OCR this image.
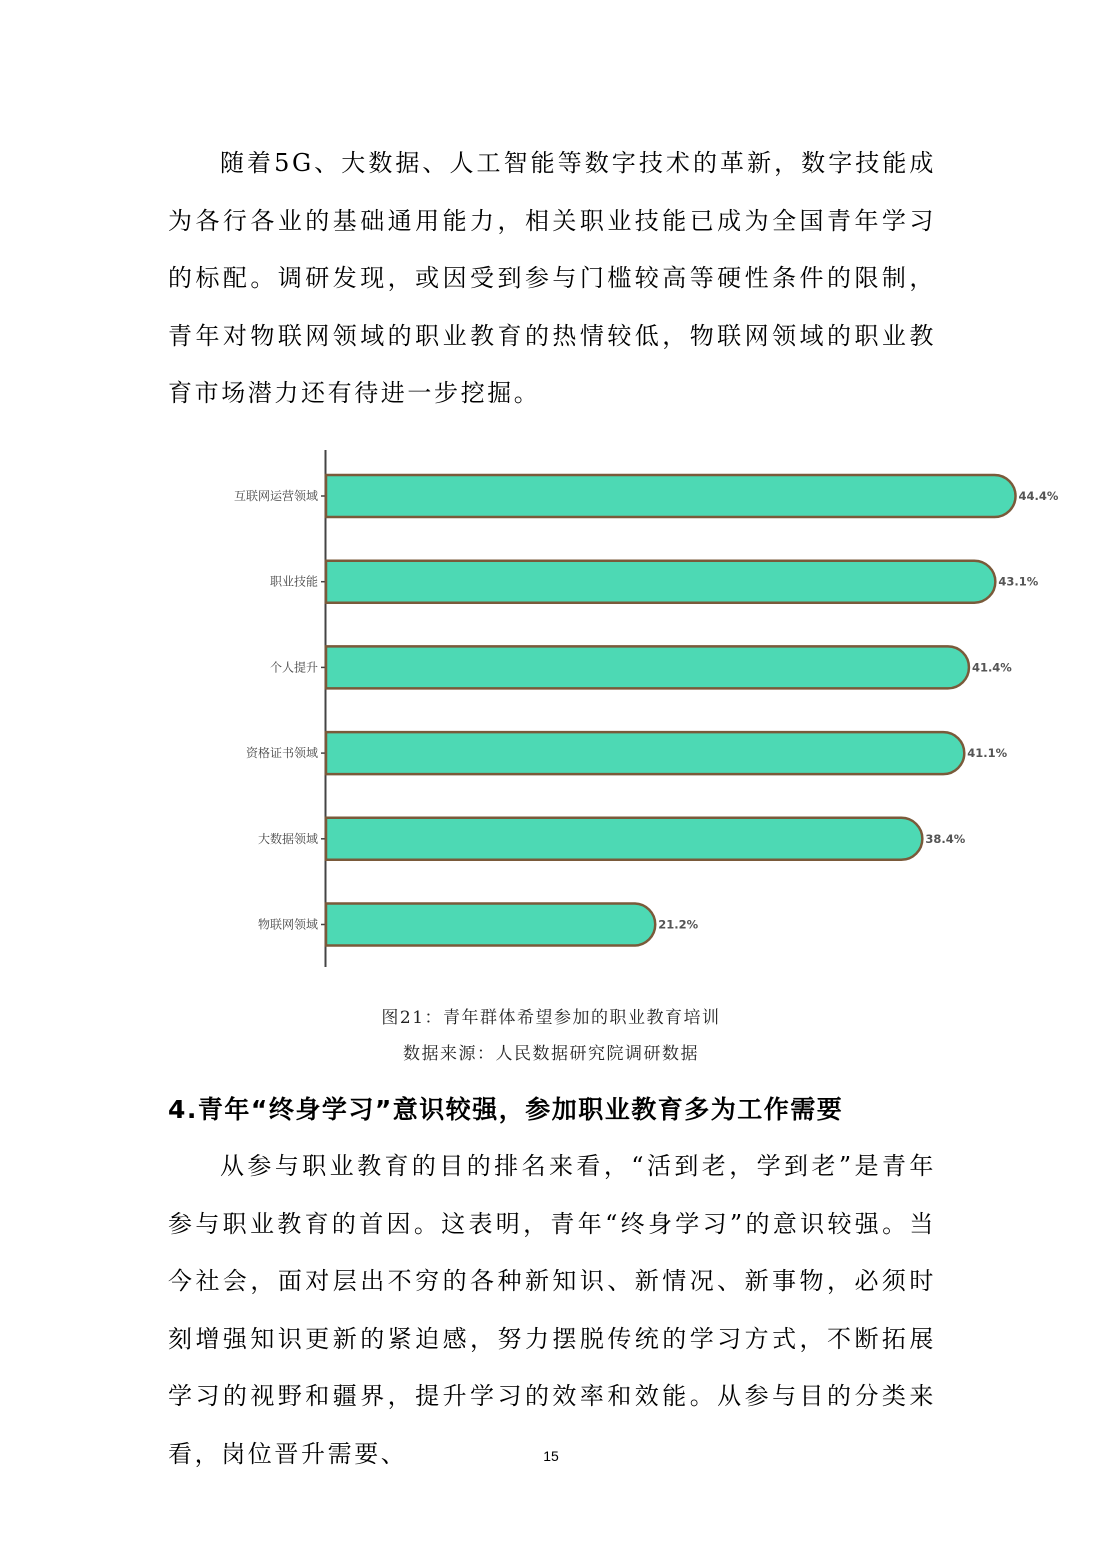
随着5G、大数据、人工智能等数字技术的革新，数字技能成为各行各业的基础通用能力，相关职业技能已成为全国青年学习的标配。调研发现，或因受到参与门槛较高等硬性条件的限制，青年对物联网领域的职业教育的热情较低，物联网领域的职业教育市场潜力还有待进一步挖掘。

互联网运营领域	44.4%
职业技能	43.1%
个人提升	41.4%
资格证书领域	41.1%
大数据领域	38.4%
物联网领域	21.2%
图21：青年群体希望参加的职业教育培训
数据来源：人民数据研究院调研数据
4.青年“终身学习”意识较强，参加职业教育多为工作需要

从参与职业教育的目的排名来看，“活到老，学到老”是青年参与职业教育的首因。这表明，青年“终身学习”的意识较强。当今社会，面对层出不穷的各种新知识、新情况、新事物，必须时刻增强知识更新的紧迫感，努力摆脱传统的学习方式，不断拓展学习的视野和疆界，提升学习的效率和效能。从参与目的分类来看，岗位晋升需要、	15
